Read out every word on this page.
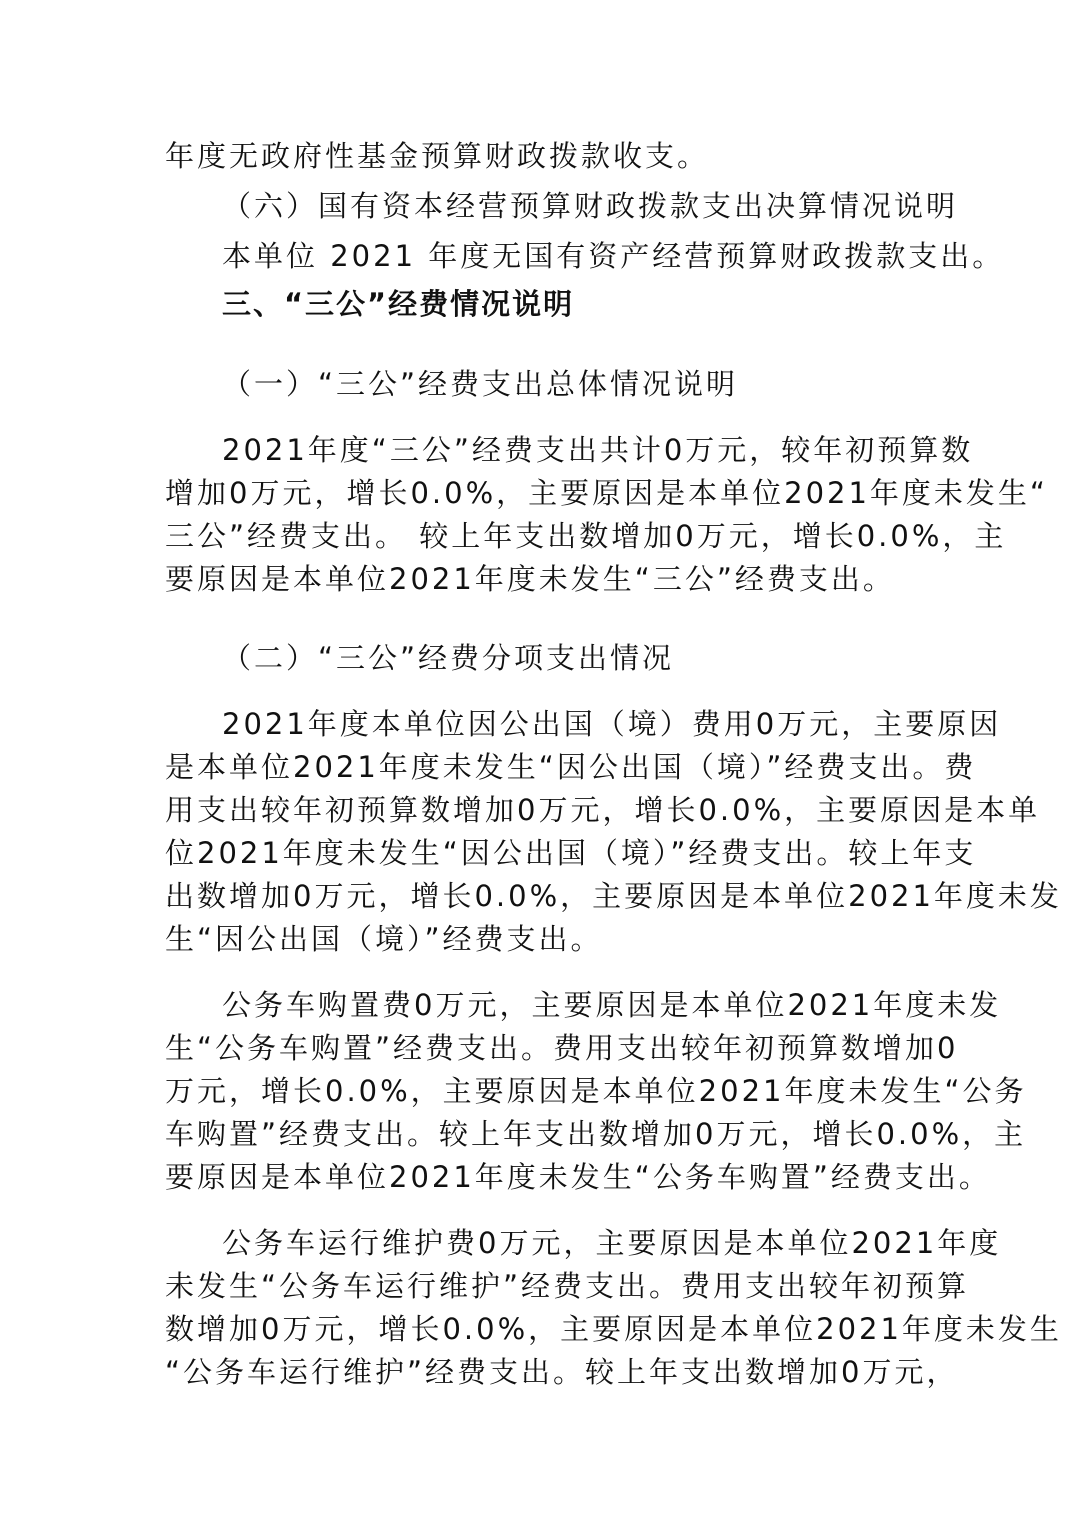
年度无政府性基金预算财政拨款收支。

（六）国有资本经营预算财政拨款支出决算情况说明

本单位 2021 年度无国有资产经营预算财政拨款支出。

三、“三公”经费情况说明

（一）“三公”经费支出总体情况说明

2021年度“三公”经费支出共计0万元，较年初预算数

增加0万元，增长0.0%，主要原因是本单位2021年度未发生“

三公”经费支出。 较上年支出数增加0万元，增长0.0%，主

要原因是本单位2021年度未发生“三公”经费支出。

（二）“三公”经费分项支出情况

2021年度本单位因公出国（境）费用0万元，主要原因

是本单位2021年度未发生“因公出国（境）”经费支出。费

用支出较年初预算数增加0万元，增长0.0%，主要原因是本单

位2021年度未发生“因公出国（境）”经费支出。较上年支

出数增加0万元，增长0.0%，主要原因是本单位2021年度未发

生“因公出国（境）”经费支出。

公务车购置费0万元，主要原因是本单位2021年度未发

生“公务车购置”经费支出。费用支出较年初预算数增加0

万元，增长0.0%，主要原因是本单位2021年度未发生“公务

车购置”经费支出。较上年支出数增加0万元，增长0.0%，主

要原因是本单位2021年度未发生“公务车购置”经费支出。

公务车运行维护费0万元，主要原因是本单位2021年度

未发生“公务车运行维护”经费支出。费用支出较年初预算

数增加0万元，增长0.0%，主要原因是本单位2021年度未发生

“公务车运行维护”经费支出。较上年支出数增加0万元，
